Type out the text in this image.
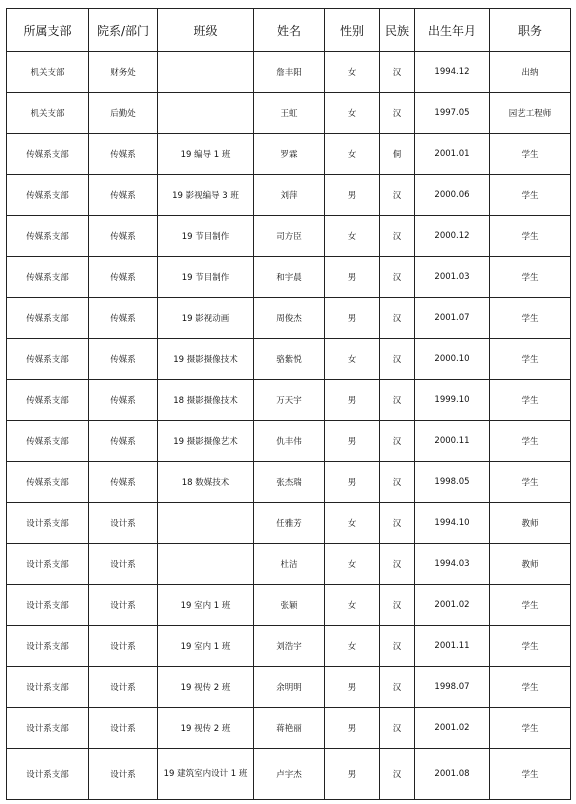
所属支部	院系/部门	班级	姓名	性别	民族	出生年月	职务
机关支部	财务处		詹丰阳	女	汉	1994.12	出纳
机关支部	后勤处		王虹	女	汉	1997.05	园艺工程师
传媒系支部	传媒系	19 编导 1 班	罗霖	女	侗	2001.01	学生
传媒系支部	传媒系	19 影视编导 3 班	刘萍	男	汉	2000.06	学生
传媒系支部	传媒系	19 节目制作	司方臣	女	汉	2000.12	学生
传媒系支部	传媒系	19 节目制作	和宇晨	男	汉	2001.03	学生
传媒系支部	传媒系	19 影视动画	周俊杰	男	汉	2001.07	学生
传媒系支部	传媒系	19 摄影摄像技术	骆紫悦	女	汉	2000.10	学生
传媒系支部	传媒系	18 摄影摄像技术	万天宇	男	汉	1999.10	学生
传媒系支部	传媒系	19 摄影摄像艺术	仇丰伟	男	汉	2000.11	学生
传媒系支部	传媒系	18 数媒技术	张杰瑞	男	汉	1998.05	学生
设计系支部	设计系		任雅芳	女	汉	1994.10	教师
设计系支部	设计系		杜洁	女	汉	1994.03	教师
设计系支部	设计系	19 室内 1 班	张颖	女	汉	2001.02	学生
设计系支部	设计系	19 室内 1 班	刘浩宇	女	汉	2001.11	学生
设计系支部	设计系	19 视传 2 班	余明明	男	汉	1998.07	学生
设计系支部	设计系	19 视传 2 班	蒋艳丽	男	汉	2001.02	学生
设计系支部	设计系	19 建筑室内设计 1 班	卢宇杰	男	汉	2001.08	学生
